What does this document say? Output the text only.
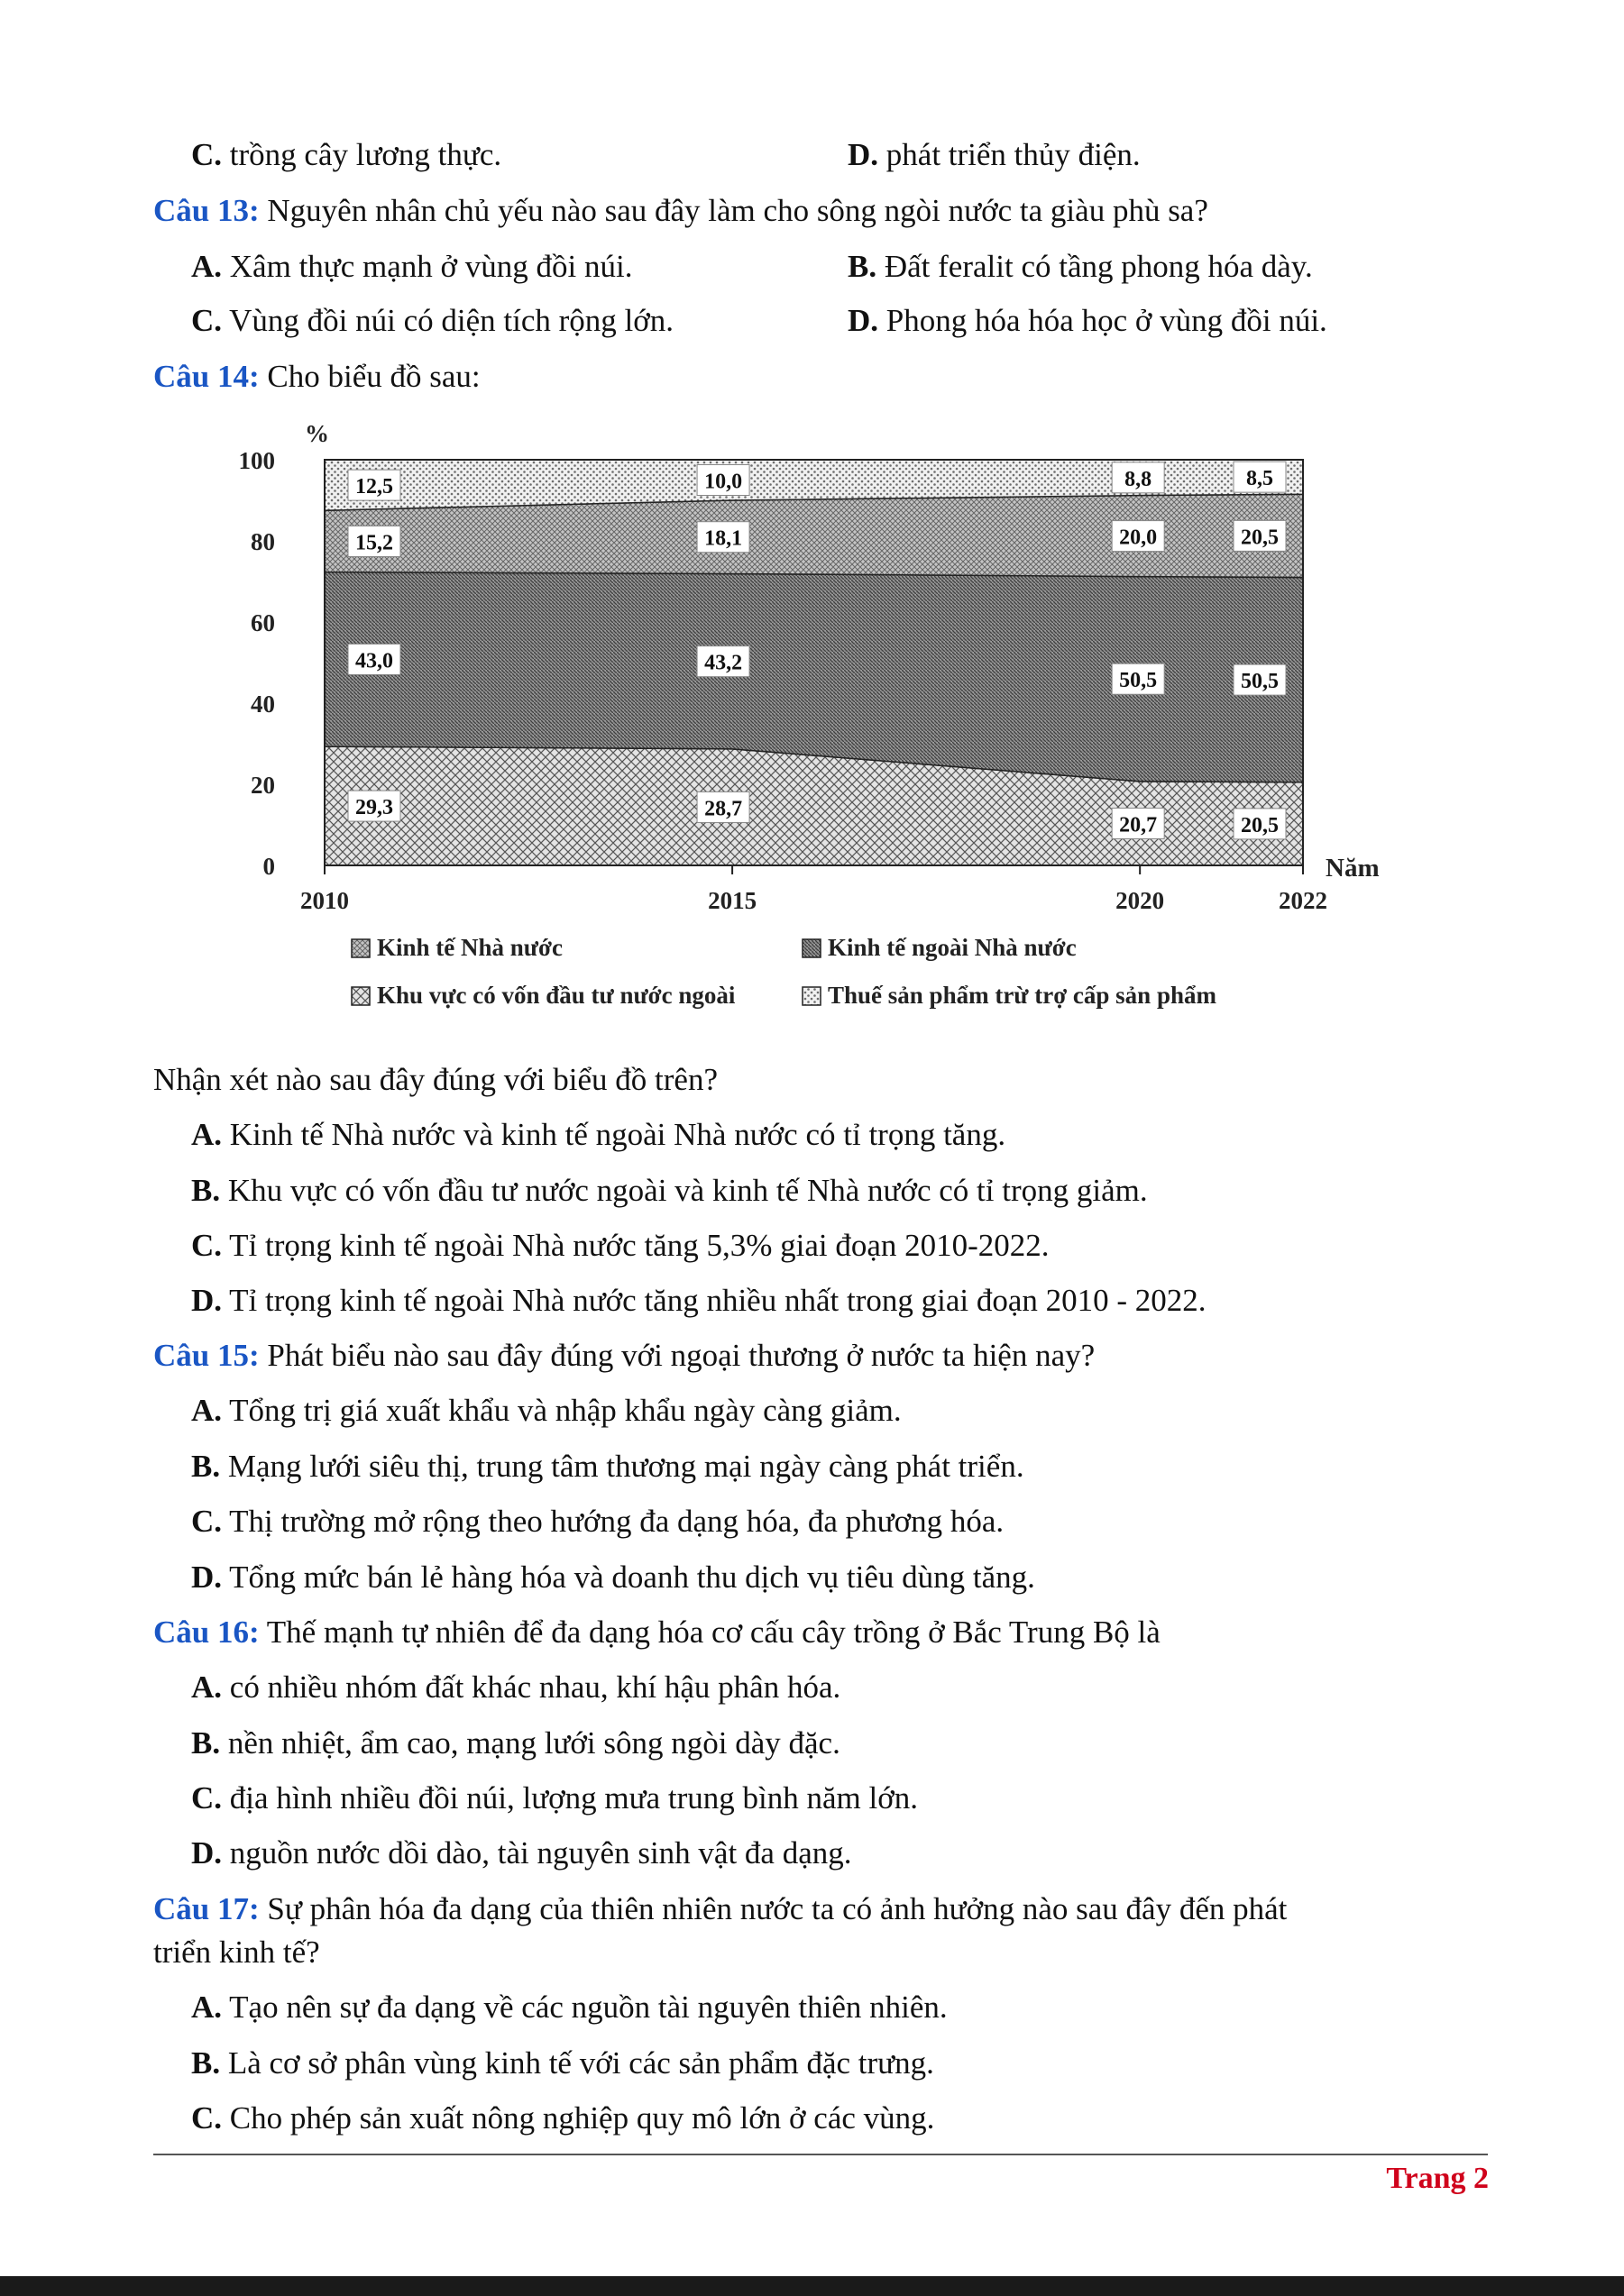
C. trồng cây lương thực.	D. phát triển thủy điện.
Câu 13: Nguyên nhân chủ yếu nào sau đây làm cho sông ngòi nước ta giàu phù sa?
A. Xâm thực mạnh ở vùng đồi núi.	B. Đất feralit có tầng phong hóa dày.
C. Vùng đồi núi có diện tích rộng lớn.	D. Phong hóa hóa học ở vùng đồi núi.
Câu 14: Cho biểu đồ sau:
0
20
40
60
80
100
%
2010	2015	2020	2022
Năm
29,3	28,7
20,7	20,5
43,0	43,2
50,5	50,5
15,2	18,1	20,0	20,5
12,5	10,0	8,8	8,5
Kinh tế Nhà nước	Kinh tế ngoài Nhà nước
Khu vực có vốn đầu tư nước ngoài	Thuế sản phẩm trừ trợ cấp sản phẩm
Nhận xét nào sau đây đúng với biểu đồ trên?
A. Kinh tế Nhà nước và kinh tế ngoài Nhà nước có tỉ trọng tăng.
B. Khu vực có vốn đầu tư nước ngoài và kinh tế Nhà nước có tỉ trọng giảm.
C. Tỉ trọng kinh tế ngoài Nhà nước tăng 5,3% giai đoạn 2010-2022.
D. Tỉ trọng kinh tế ngoài Nhà nước tăng nhiều nhất trong giai đoạn 2010 - 2022.
Câu 15: Phát biểu nào sau đây đúng với ngoại thương ở nước ta hiện nay?
A. Tổng trị giá xuất khẩu và nhập khẩu ngày càng giảm.
B. Mạng lưới siêu thị, trung tâm thương mại ngày càng phát triển.
C. Thị trường mở rộng theo hướng đa dạng hóa, đa phương hóa.
D. Tổng mức bán lẻ hàng hóa và doanh thu dịch vụ tiêu dùng tăng.
Câu 16: Thế mạnh tự nhiên để đa dạng hóa cơ cấu cây trồng ở Bắc Trung Bộ là
A. có nhiều nhóm đất khác nhau, khí hậu phân hóa.
B. nền nhiệt, ẩm cao, mạng lưới sông ngòi dày đặc.
C. địa hình nhiều đồi núi, lượng mưa trung bình năm lớn.
D. nguồn nước dồi dào, tài nguyên sinh vật đa dạng.
Câu 17: Sự phân hóa đa dạng của thiên nhiên nước ta có ảnh hưởng nào sau đây đến phát
triển kinh tế?
A. Tạo nên sự đa dạng về các nguồn tài nguyên thiên nhiên.
B. Là cơ sở phân vùng kinh tế với các sản phẩm đặc trưng.
C. Cho phép sản xuất nông nghiệp quy mô lớn ở các vùng.
Trang 2
